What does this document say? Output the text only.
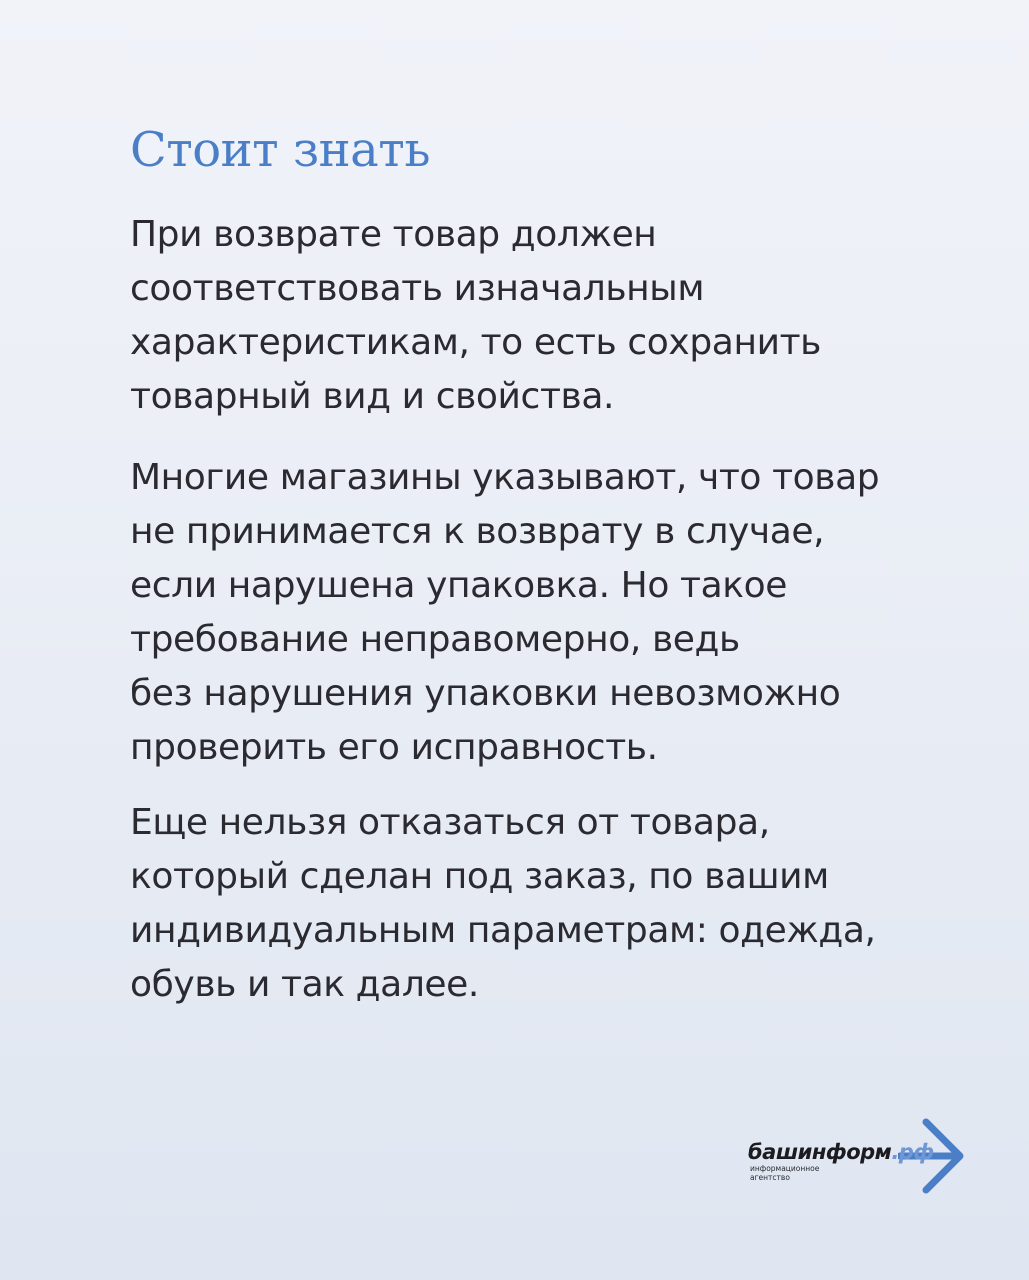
Стоит знать

При возврате товар должен
соответствовать изначальным
характеристикам, то есть сохранить
товарный вид и свойства.

Многие магазины указывают, что товар
не принимается к возврату в случае,
если нарушена упаковка. Но такое
требование неправомерно, ведь
без нарушения упаковки невозможно
проверить его исправность.

Еще нельзя отказаться от товара,
который сделан под заказ, по вашим
индивидуальным параметрам: одежда,
обувь и так далее.

башинформ.рф
информационное
агентство
